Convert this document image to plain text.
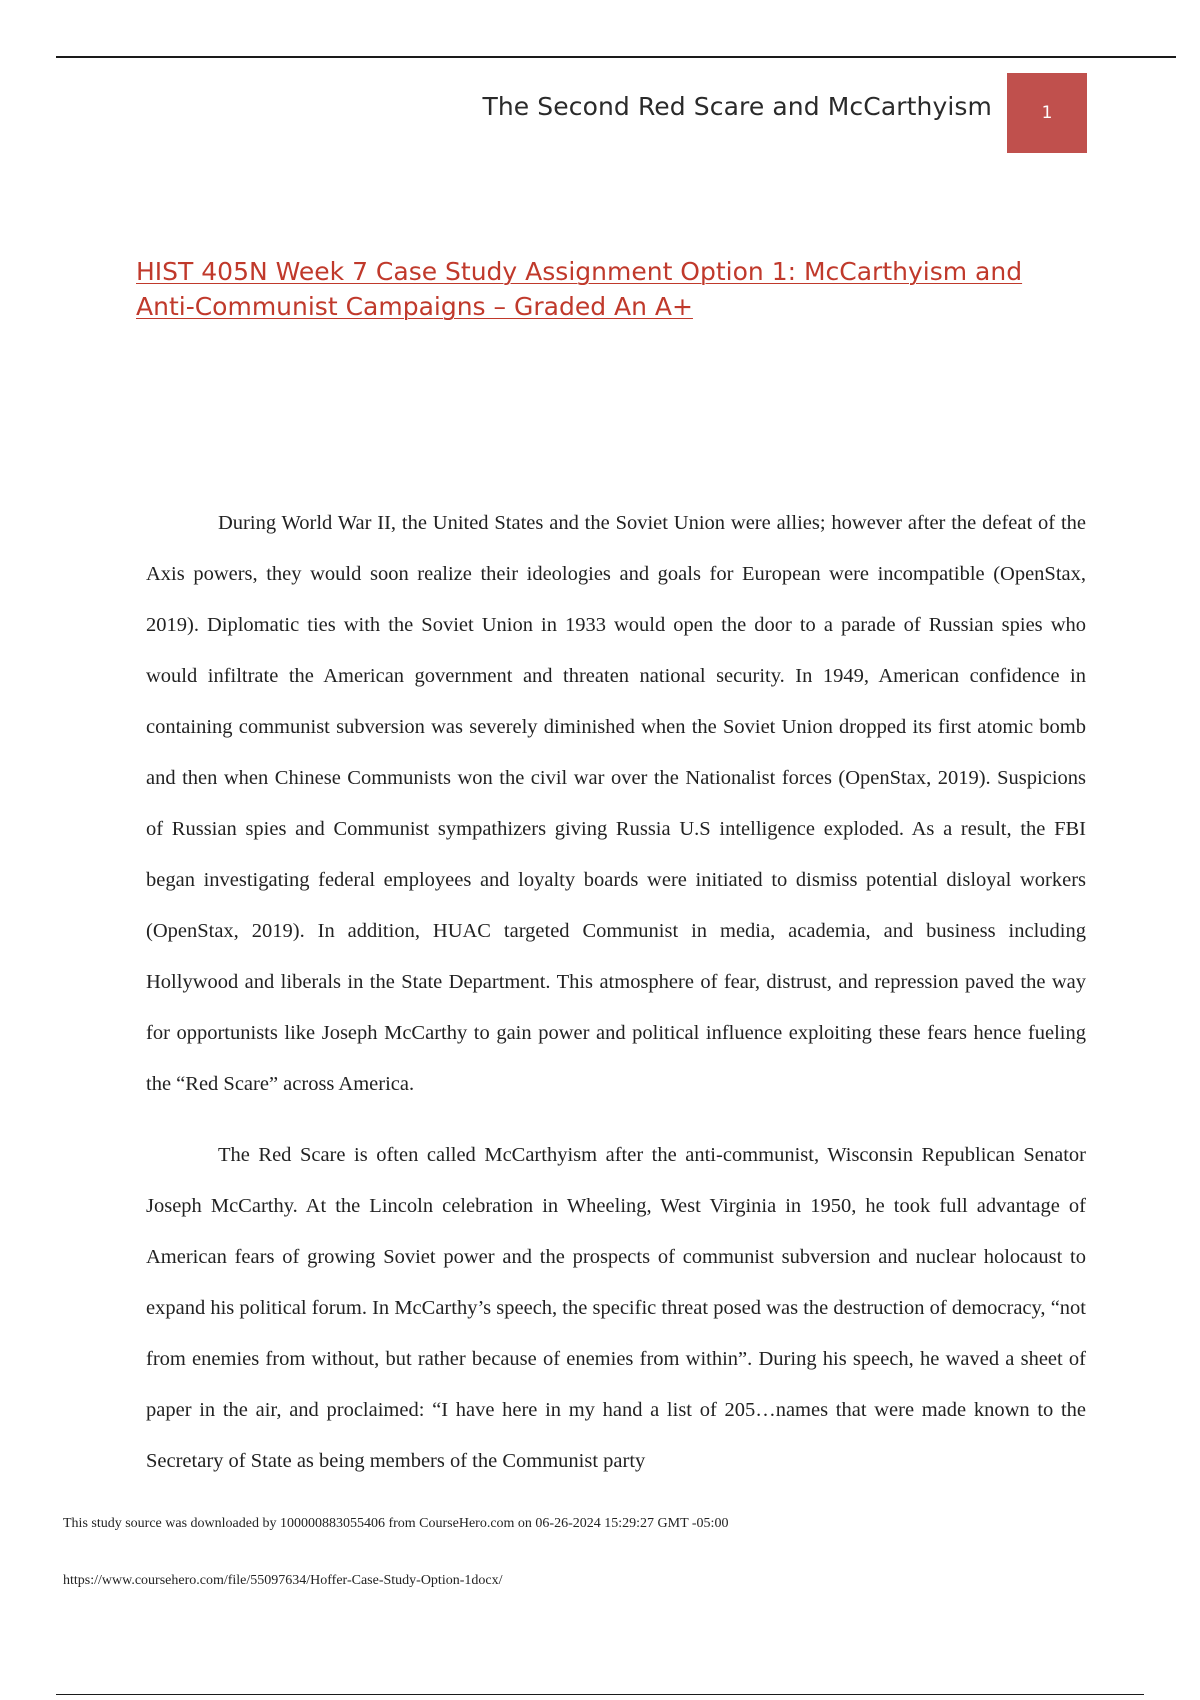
The Second Red Scare and McCarthyism	1
HIST 405N Week 7 Case Study Assignment Option 1: McCarthyism and Anti-Communist Campaigns – Graded An A+

During World War II, the United States and the Soviet Union were allies; however after the defeat of the Axis powers, they would soon realize their ideologies and goals for European were incompatible (OpenStax, 2019). Diplomatic ties with the Soviet Union in 1933 would open the door to a parade of Russian spies who would infiltrate the American government and threaten national security. In 1949, American confidence in containing communist subversion was severely diminished when the Soviet Union dropped its first atomic bomb and then when Chinese Communists won the civil war over the Nationalist forces (OpenStax, 2019). Suspicions of Russian spies and Communist sympathizers giving Russia U.S intelligence exploded. As a result, the FBI began investigating federal employees and loyalty boards were initiated to dismiss potential disloyal workers (OpenStax, 2019). In addition, HUAC targeted Communist in media, academia, and business including Hollywood and liberals in the State Department. This atmosphere of fear, distrust, and repression paved the way for opportunists like Joseph McCarthy to gain power and political influence exploiting these fears hence fueling the “Red Scare” across America.

The Red Scare is often called McCarthyism after the anti-communist, Wisconsin Republican Senator Joseph McCarthy. At the Lincoln celebration in Wheeling, West Virginia in 1950, he took full advantage of American fears of growing Soviet power and the prospects of communist subversion and nuclear holocaust to expand his political forum. In McCarthy’s speech, the specific threat posed was the destruction of democracy, “not from enemies from without, but rather because of enemies from within”. During his speech, he waved a sheet of paper in the air, and proclaimed: “I have here in my hand a list of 205…names that were made known to the Secretary of State as being members of the Communist party

This study source was downloaded by 100000883055406 from CourseHero.com on 06-26-2024 15:29:27 GMT -05:00
https://www.coursehero.com/file/55097634/Hoffer-Case-Study-Option-1docx/
